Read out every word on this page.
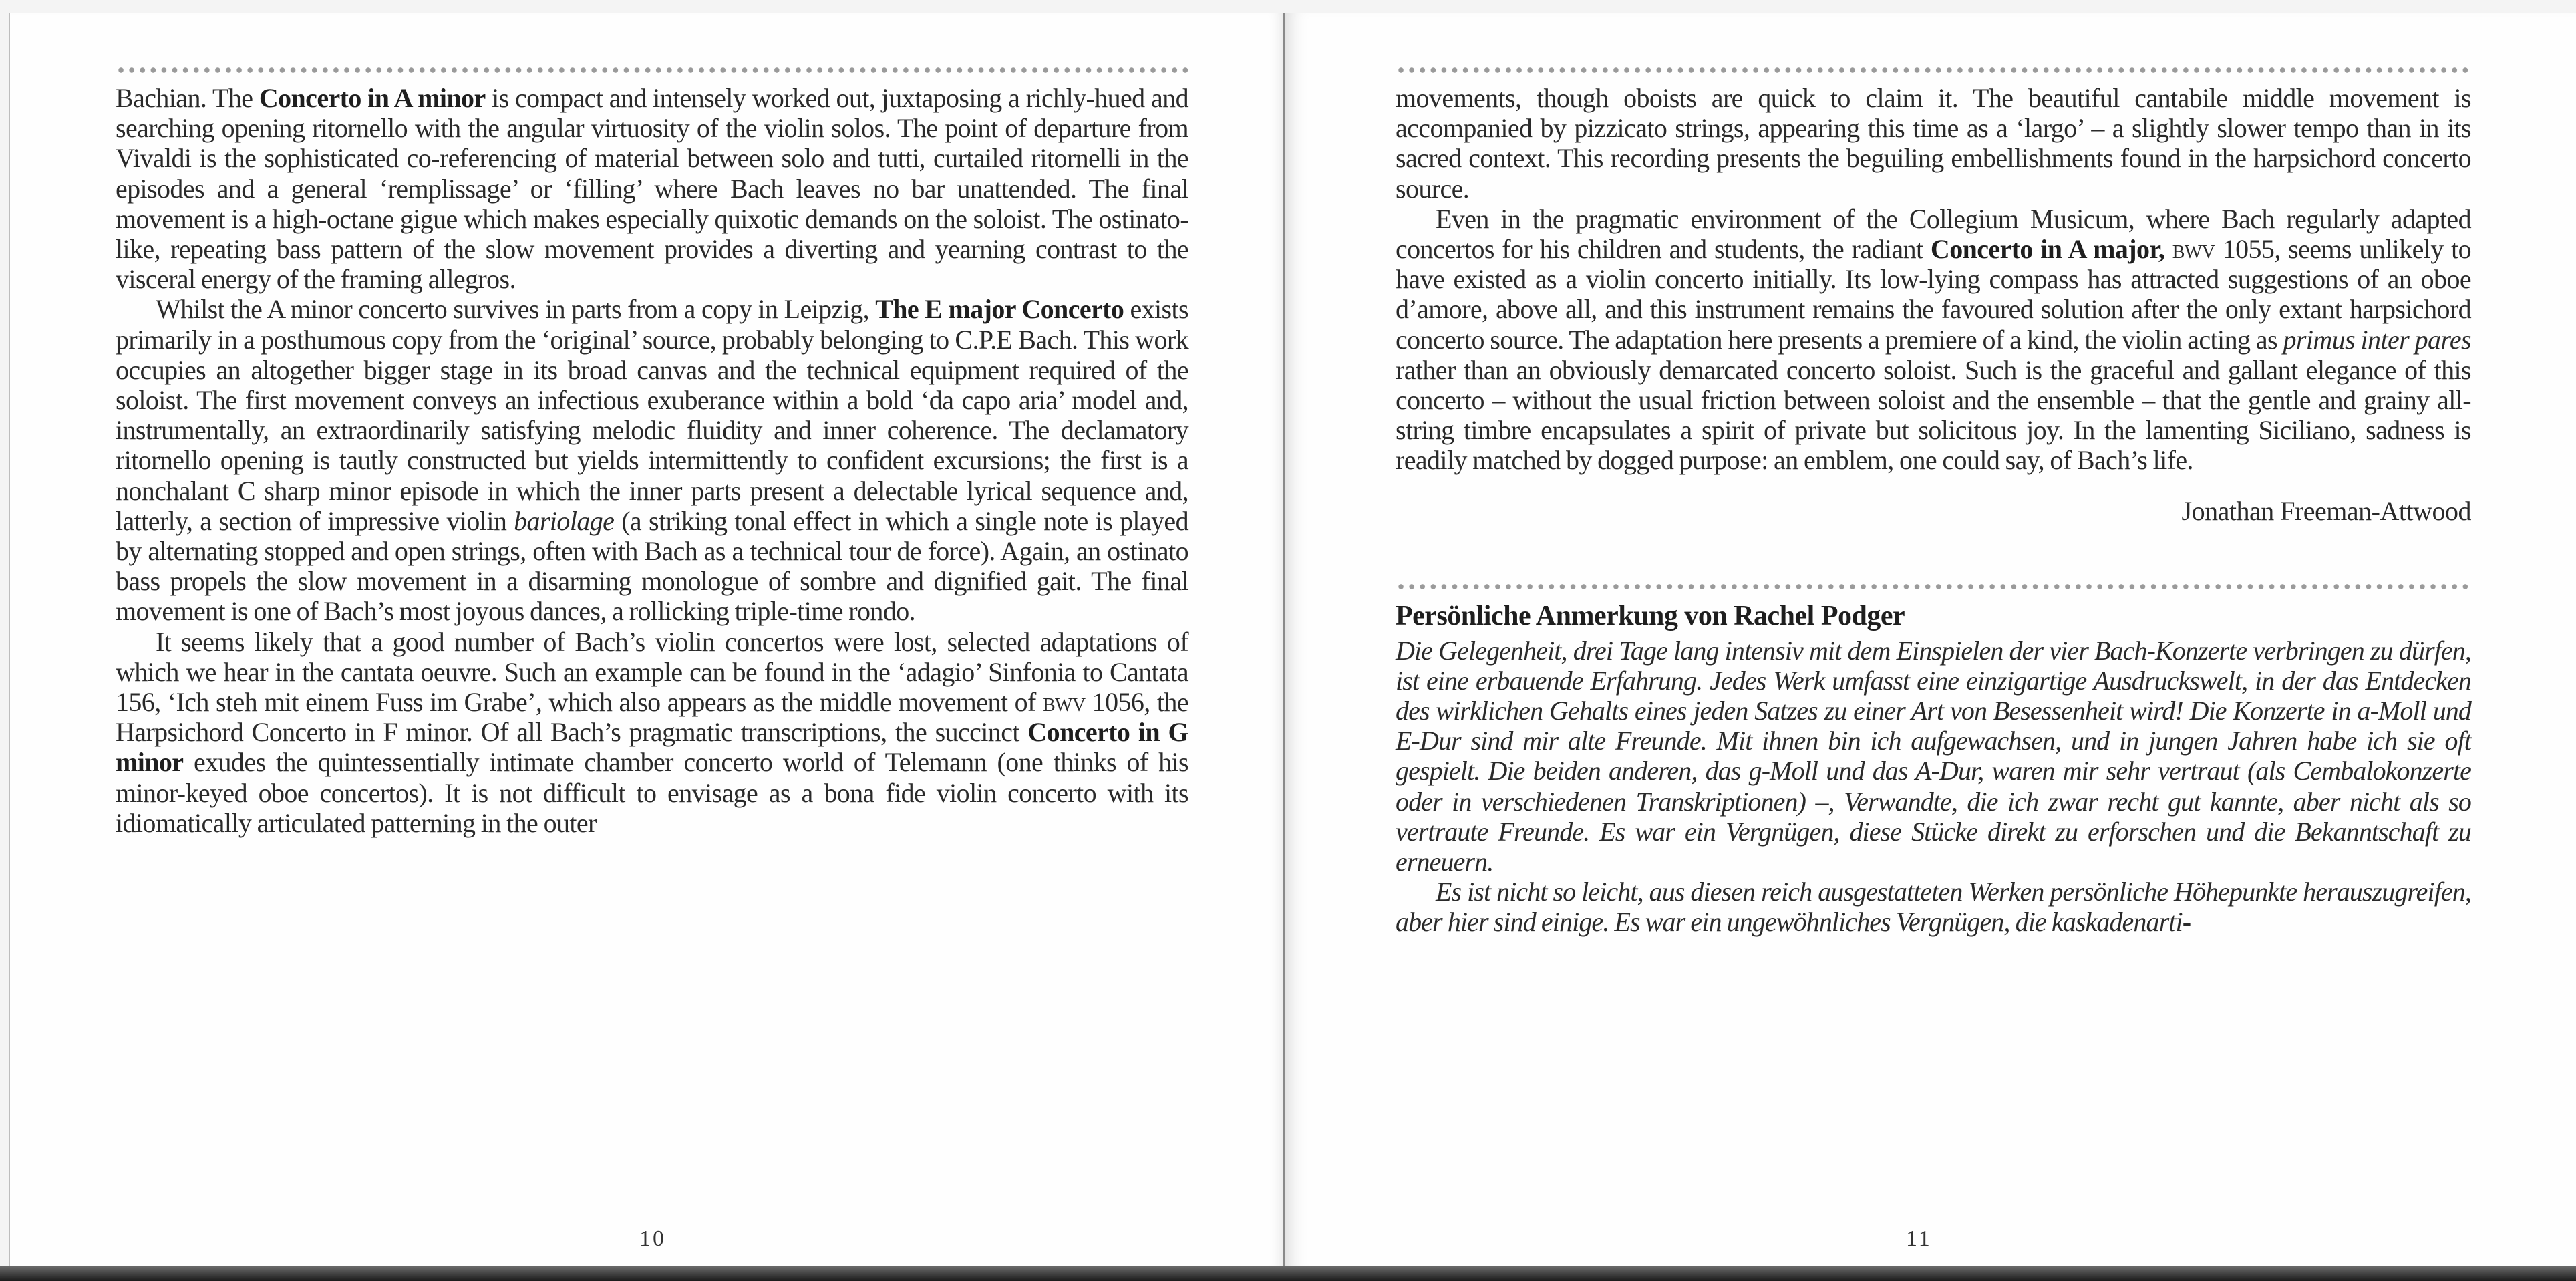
Bachian. The Concerto in A minor is compact and intensely worked out, juxtaposing a richly-hued and searching opening ritornello with the angular virtuosity of the violin solos. The point of departure from Vivaldi is the sophisticated co-referencing of material between solo and tutti, curtailed ritornelli in the episodes and a general ‘remplissage’ or ‘filling’ where Bach leaves no bar unattended. The final movement is a high-octane gigue which makes especially quixotic demands on the soloist. The ostinato-like, repeating bass pattern of the slow movement provides a diverting and yearning contrast to the visceral energy of the framing allegros.

Whilst the A minor concerto survives in parts from a copy in Leipzig, The E major Concerto exists primarily in a posthumous copy from the ‘original’ source, probably belonging to C.P.E Bach. This work occupies an altogether bigger stage in its broad canvas and the technical equipment required of the soloist. The first movement conveys an infectious exuberance within a bold ‘da capo aria’ model and, instrumentally, an extraordinarily satisfying melodic fluidity and inner coherence. The declamatory ritornello opening is tautly constructed but yields intermittently to confident excursions; the first is a nonchalant C sharp minor episode in which the inner parts present a delectable lyrical sequence and, latterly, a section of impressive violin bariolage (a striking tonal effect in which a single note is played by alternating stopped and open strings, often with Bach as a technical tour de force). Again, an ostinato bass propels the slow movement in a disarming monologue of sombre and dignified gait. The final movement is one of Bach’s most joyous dances, a rollicking triple-time rondo.

It seems likely that a good number of Bach’s violin concertos were lost, selected adaptations of which we hear in the cantata oeuvre. Such an example can be found in the ‘adagio’ Sinfonia to Cantata 156, ‘Ich steh mit einem Fuss im Grabe’, which also appears as the middle movement of bwv 1056, the Harpsichord Concerto in F minor. Of all Bach’s pragmatic transcriptions, the succinct Concerto in G minor exudes the quintessentially intimate chamber concerto world of Telemann (one thinks of his minor-keyed oboe concertos). It is not difficult to envisage as a bona fide violin concerto with its idiomatically articulated patterning in the outer

10

movements, though oboists are quick to claim it. The beautiful cantabile middle movement is accompanied by pizzicato strings, appearing this time as a ‘largo’ – a slightly slower tempo than in its sacred context. This recording presents the beguiling embellishments found in the harpsichord concerto source.

Even in the pragmatic environment of the Collegium Musicum, where Bach regularly adapted concertos for his children and students, the radiant Concerto in A major, bwv 1055, seems unlikely to have existed as a violin concerto initially. Its low-lying compass has attracted suggestions of an oboe d’amore, above all, and this instrument remains the favoured solution after the only extant harpsichord concerto source. The adaptation here presents a premiere of a kind, the violin acting as primus inter pares rather than an obviously demarcated concerto soloist. Such is the graceful and gallant elegance of this concerto – without the usual friction between soloist and the ensemble – that the gentle and grainy all-string timbre encapsulates a spirit of private but solicitous joy. In the lamenting Siciliano, sadness is readily matched by dogged purpose: an emblem, one could say, of Bach’s life.

Jonathan Freeman-Attwood
Persönliche Anmerkung von Rachel Podger

Die Gelegenheit, drei Tage lang intensiv mit dem Einspielen der vier Bach-Konzerte verbringen zu dürfen, ist eine erbauende Erfahrung. Jedes Werk umfasst eine einzigartige Ausdruckswelt, in der das Entdecken des wirklichen Gehalts eines jeden Satzes zu einer Art von Besessenheit wird! Die Konzerte in a-Moll und E-Dur sind mir alte Freunde. Mit ihnen bin ich aufgewachsen, und in jungen Jahren habe ich sie oft gespielt. Die beiden anderen, das g-Moll und das A-Dur, waren mir sehr vertraut (als Cembalokonzerte oder in verschiedenen Transkriptionen) –, Verwandte, die ich zwar recht gut kannte, aber nicht als so vertraute Freunde. Es war ein Vergnügen, diese Stücke direkt zu erforschen und die Bekanntschaft zu erneuern.

Es ist nicht so leicht, aus diesen reich ausgestatteten Werken persönliche Höhepunkte herauszugreifen, aber hier sind einige. Es war ein ungewöhnliches Vergnügen, die kaskadenarti-

11
